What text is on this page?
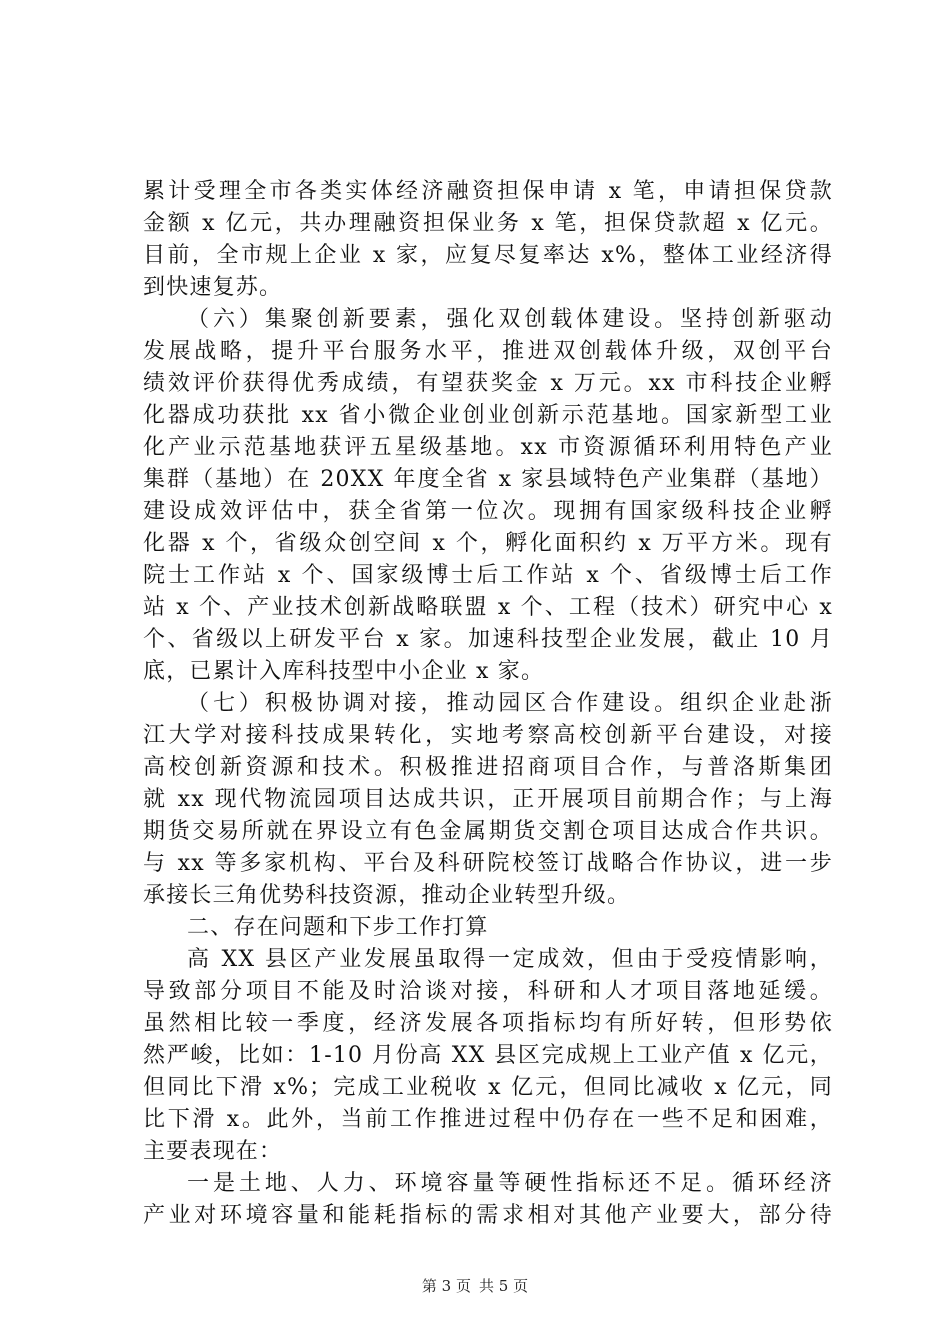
累计受理全市各类实体经济融资担保申请 x 笔，申请担保贷款
金额 x 亿元，共办理融资担保业务 x 笔，担保贷款超 x 亿元。
目前，全市规上企业 x 家，应复尽复率达 x%，整体工业经济得
到快速复苏。
（六）集聚创新要素，强化双创载体建设。坚持创新驱动
发展战略，提升平台服务水平，推进双创载体升级，双创平台
绩效评价获得优秀成绩，有望获奖金 x 万元。xx 市科技企业孵
化器成功获批 xx 省小微企业创业创新示范基地。国家新型工业
化产业示范基地获评五星级基地。xx 市资源循环利用特色产业
集群（基地）在 20XX 年度全省 x 家县域特色产业集群（基地）
建设成效评估中，获全省第一位次。现拥有国家级科技企业孵
化器 x 个，省级众创空间 x 个，孵化面积约 x 万平方米。现有
院士工作站 x 个、国家级博士后工作站 x 个、省级博士后工作
站 x 个、产业技术创新战略联盟 x 个、工程（技术）研究中心 x
个、省级以上研发平台 x 家。加速科技型企业发展，截止 10 月
底，已累计入库科技型中小企业 x 家。
（七）积极协调对接，推动园区合作建设。组织企业赴浙
江大学对接科技成果转化，实地考察高校创新平台建设，对接
高校创新资源和技术。积极推进招商项目合作，与普洛斯集团
就 xx 现代物流园项目达成共识，正开展项目前期合作；与上海
期货交易所就在界设立有色金属期货交割仓项目达成合作共识。
与 xx 等多家机构、平台及科研院校签订战略合作协议，进一步
承接长三角优势科技资源，推动企业转型升级。
二、存在问题和下步工作打算
高 XX 县区产业发展虽取得一定成效，但由于受疫情影响，
导致部分项目不能及时洽谈对接，科研和人才项目落地延缓。
虽然相比较一季度，经济发展各项指标均有所好转，但形势依
然严峻，比如：1-10 月份高 XX 县区完成规上工业产值 x 亿元，
但同比下滑 x%；完成工业税收 x 亿元，但同比减收 x 亿元，同
比下滑 x。此外，当前工作推进过程中仍存在一些不足和困难，
主要表现在：
一是土地、人力、环境容量等硬性指标还不足。循环经济
产业对环境容量和能耗指标的需求相对其他产业要大，部分待
第 3 页 共 5 页
